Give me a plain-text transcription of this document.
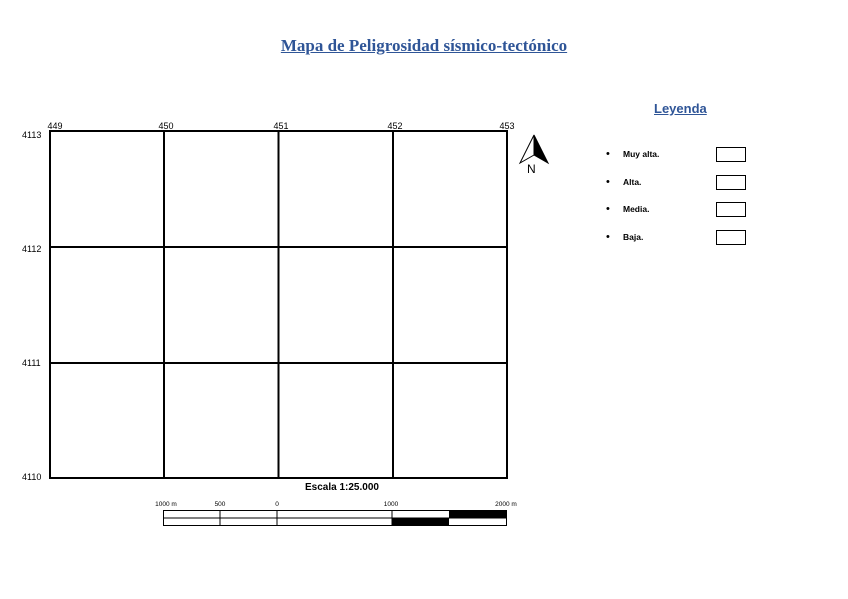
Mapa de Peligrosidad sísmico-tectónico
449	450	451	452	453
4113
4112
4111
4110
N
Leyenda
• Muy alta.
• Alta.
• Media.
• Baja.
Escala 1:25.000
1000 m	500	0	1000	2000 m
